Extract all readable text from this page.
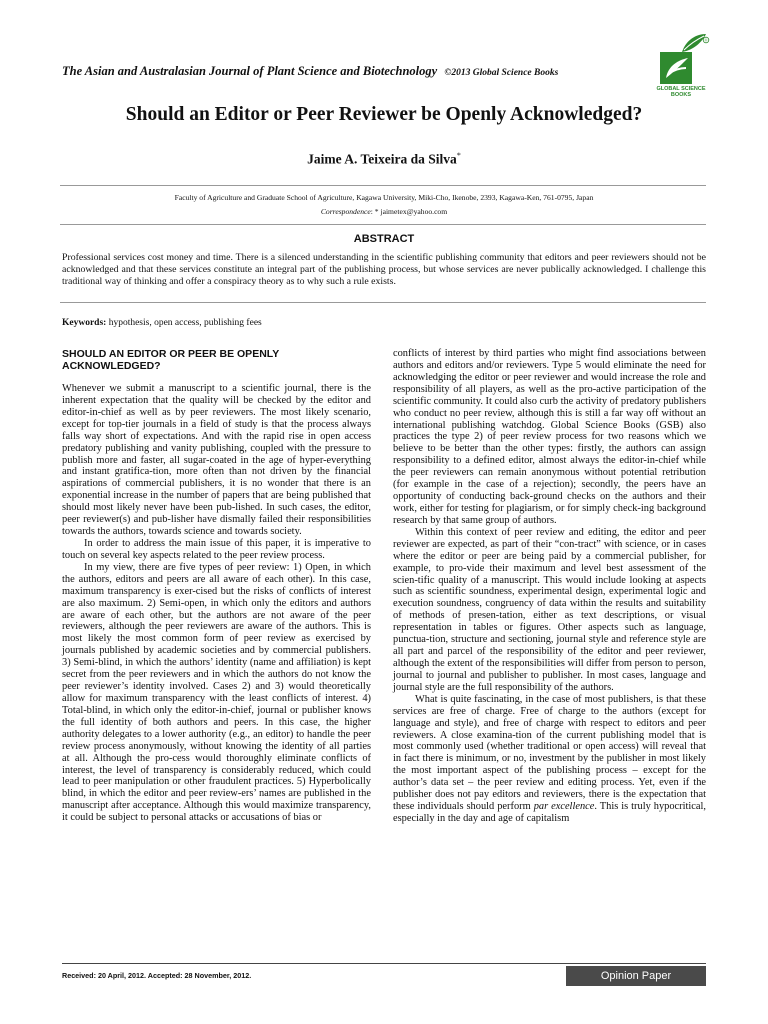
The Asian and Australasian Journal of Plant Science and Biotechnology ©2013 Global Science Books
®
GLOBAL SCIENCE
BOOKS
Should an Editor or Peer Reviewer be Openly Acknowledged?
Jaime A. Teixeira da Silva*
Faculty of Agriculture and Graduate School of Agriculture, Kagawa University, Miki-Cho, Ikenobe, 2393, Kagawa-Ken, 761-0795, Japan
Correspondence: * jaimetex@yahoo.com
ABSTRACT
Professional services cost money and time. There is a silenced understanding in the scientific publishing community that editors and peer reviewers should not be acknowledged and that these services constitute an integral part of the publishing process, but whose services are never publically acknowledged. I challenge this traditional way of thinking and offer a conspiracy theory as to why such a rule exists.
Keywords: hypothesis, open access, publishing fees
SHOULD AN EDITOR OR PEER BE OPENLY ACKNOWLEDGED?

Whenever we submit a manuscript to a scientific journal, there is the inherent expectation that the quality will be checked by the editor and editor-in-chief as well as by peer reviewers. The most likely scenario, except for top-tier journals in a field of study is that the process always falls way short of expectations. And with the rapid rise in open access predatory publishing and vanity publishing, coupled with the pressure to publish more and faster, all sugar-coated in the age of hyper-everything and instant gratifica-tion, more often than not driven by the financial aspirations of commercial publishers, it is no wonder that there is an exponential increase in the number of papers that are being published that should most likely never have been pub-lished. In such cases, the editor, peer reviewer(s) and pub-lisher have dismally failed their responsibilities towards the authors, towards science and towards society.

In order to address the main issue of this paper, it is imperative to touch on several key aspects related to the peer review process.

In my view, there are five types of peer review: 1) Open, in which the authors, editors and peers are all aware of each other). In this case, maximum transparency is exer-cised but the risks of conflicts of interest are also maximum. 2) Semi-open, in which only the editors and authors are aware of each other, but the authors are not aware of the peer reviewers, although the peer reviewers are aware of the authors. This is most likely the most common form of peer review as exercised by journals published by academic societies and by commercial publishers. 3) Semi-blind, in which the authors’ identity (name and affiliation) is kept secret from the peer reviewers and in which the authors do not know the peer reviewer’s identity involved. Cases 2) and 3) would theoretically allow for maximum transparency with the least conflicts of interest. 4) Total-blind, in which only the editor-in-chief, journal or publisher knows the full identity of both authors and peers. In this case, the higher authority delegates to a lower authority (e.g., an editor) to handle the peer review process anonymously, without knowing the identity of all parties at all. Although the pro-cess would thoroughly eliminate conflicts of interest, the level of transparency is considerably reduced, which could lead to peer manipulation or other fraudulent practices. 5) Hyperbolically blind, in which the editor and peer review-ers’ names are published in the manuscript after acceptance. Although this would maximize transparency, it could be subject to personal attacks or accusations of bias or

conflicts of interest by third parties who might find associations between authors and editors and/or reviewers. Type 5 would eliminate the need for acknowledging the editor or peer reviewer and would increase the role and responsibility of all players, as well as the pro-active participation of the scientific community. It could also curb the activity of predatory publishers who conduct no peer review, although this is still a far way off without an international publishing watchdog. Global Science Books (GSB) also practices the type 2) of peer review process for two reasons which we believe to be better than the other types: firstly, the authors can assign responsibility to a defined editor, almost always the editor-in-chief while the peer reviewers can remain anonymous without potential retribution (for example in the case of a rejection); secondly, the peers have an opportunity of conducting back-ground checks on the authors and their work, either for testing for plagiarism, or for simply check-ing background research by that same group of authors.

Within this context of peer review and editing, the editor and peer reviewer are expected, as part of their “con-tract” with science, or in cases where the editor or peer are being paid by a commercial publisher, for example, to pro-vide their maximum and level best assessment of the scien-tific quality of a manuscript. This would include looking at aspects such as scientific soundness, experimental design, experimental logic and execution soundness, congruency of data within the results and suitability of methods of presen-tation, either as text descriptions, or visual representation in tables or figures. Other aspects such as language, punctua-tion, structure and sectioning, journal style and reference style are all part and parcel of the responsibility of the editor and peer reviewer, although the extent of the responsibilities will differ from person to person, journal to journal and publisher to publisher. In most cases, language and journal style are the full responsibility of the authors.

What is quite fascinating, in the case of most publishers, is that these services are free of charge. Free of charge to the authors (except for language and style), and free of charge with respect to editors and peer reviewers. A close examina-tion of the current publishing model that is most commonly used (whether traditional or open access) will reveal that in fact there is minimum, or no, investment by the publisher in most likely the most important aspect of the publishing process – except for the author’s data set – the peer review and editing process. Yet, even if the publisher does not pay editors and reviewers, there is the expectation that these individuals should perform par excellence. This is truly hypocritical, especially in the day and age of capitalism

Received: 20 April, 2012. Accepted: 28 November, 2012.	Opinion Paper
